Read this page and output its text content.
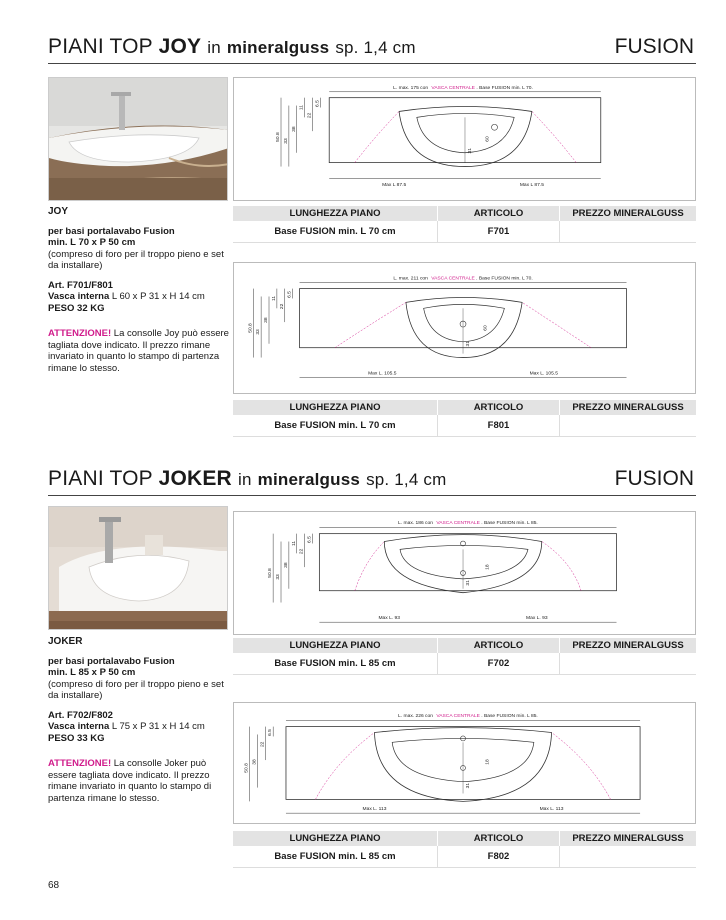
PIANI TOP JOY in mineralguss sp. 1,4 cm	FUSION
L. max. 175 con VASCA CENTRALE . Base FUSION min. L 70.
Max L 87.5	Max L 87.5
50.8 33
38
11
22
6.5
31
60

JOY

per basi portalavabo Fusion
min. L 70 x P 50 cm
(compreso di foro per il troppo pieno e set da installare)

Art. F701/F801
Vasca interna L 60 x P 31 x H 14 cm
PESO 32 KG

ATTENZIONE! La consolle Joy può essere tagliata dove indicato. Il prezzo rimane invariato in quanto lo stampo di partenza rimane lo stesso.

LUNGHEZZA PIANO	ARTICOLO	PREZZO MINERALGUSS
Base FUSION min. L 70 cm	F701
L. max. 211 con VASCA CENTRALE . Base FUSION min. L 70.
Max L. 105.5	Max L. 105.5
50.8 33
38
11
22
6.5
31
60
LUNGHEZZA PIANO	ARTICOLO	PREZZO MINERALGUSS
Base FUSION min. L 70 cm	F801
PIANI TOP JOKER in mineralguss sp. 1,4 cm	FUSION
L. max. 186 con VASCA CENTRALE . Base FUSION min. L 85.
Max L. 93	Max L. 93
50.8 33
38
11
22
6.5
31
18

JOKER

per basi portalavabo Fusion
min. L 85 x P 50 cm
(compreso di foro per il troppo pieno e set da installare)

Art. F702/F802
Vasca interna L 75 x P 31 x H 14 cm
PESO 33 KG

ATTENZIONE! La consolle Joker può essere tagliata dove indicato. Il prezzo rimane invariato in quanto lo stampo di partenza rimane lo stesso.

LUNGHEZZA PIANO	ARTICOLO	PREZZO MINERALGUSS
Base FUSION min. L 85 cm	F702
L. max. 226 con VASCA CENTRALE . Base FUSION min. L 85.
Max L. 113	Max L. 113
50.8
38
22
6.5
31
18
LUNGHEZZA PIANO	ARTICOLO	PREZZO MINERALGUSS
Base FUSION min. L 85 cm	F802
68
